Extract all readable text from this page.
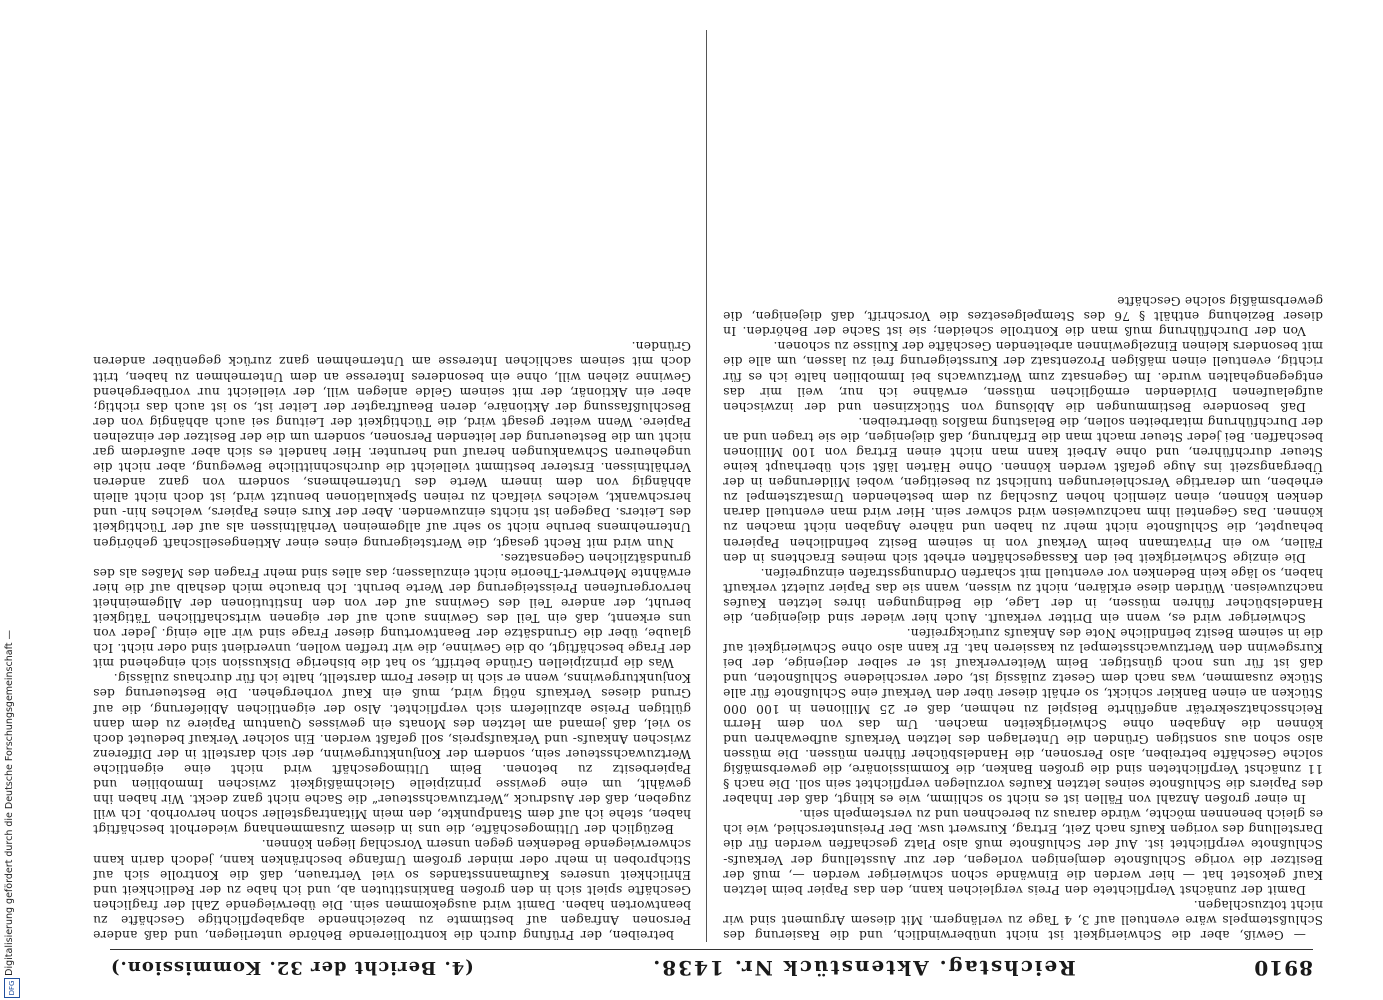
Digitalisierung gefördert durch die Deutsche Forschungsgemeinschaft —
DFG
8910
Reichstag. Aktenstück Nr. 1438.
(4. Bericht der 32. Kommission.)

— Gewiß, aber die Schwierigkeit ist nicht unüberwindlich, und die Rasierung des Schlußstempels wäre eventuell auf 3, 4 Tage zu verlängern. Mit diesem Argument sind wir nicht totzuschlagen.

Damit der zunächst Verpflichtete den Preis vergleichen kann, den das Papier beim letzten Kauf gekostet hat — hier werden die Einwände schon schwieriger werden —, muß der Besitzer die vorige Schlußnote demjenigen vorlegen, der zur Ausstellung der Verkaufs-Schlußnote verpflichtet ist. Auf der Schlußnote muß also Platz geschaffen werden für die Darstellung des vorigen Kaufs nach Zeit, Ertrag, Kurswert usw. Der Preisunterschied, wie ich es gleich benennen möchte, würde daraus zu berechnen und zu verstempeln sein.

In einer großen Anzahl von Fällen ist es nicht so schlimm, wie es klingt, daß der Inhaber des Papiers die Schlußnote seines letzten Kaufes vorzulegen verpflichtet sein soll. Die nach § 11 zunächst Verpflichteten sind die großen Banken, die Kommissionäre, die gewerbsmäßig solche Geschäfte betreiben, also Personen, die Handelsbücher führen müssen. Die müssen also schon aus sonstigen Gründen die Unterlagen des letzten Verkaufs aufbewahren und können die Angaben ohne Schwierigkeiten machen. Um das von dem Herrn Reichsschatzsekretär angeführte Beispiel zu nehmen, daß er 25 Millionen in 100 000 Stücken an einen Bankier schickt, so erhält dieser über den Verkauf eine Schlußnote für alle Stücke zusammen, was nach dem Gesetz zulässig ist, oder verschiedene Schlußnoten, und daß ist für uns noch günstiger. Beim Weiterverkauf ist er selber derjenige, der bei Kursgewinn den Wertzuwachsstempel zu kassieren hat. Er kann also ohne Schwierigkeit auf die in seinem Besitz befindliche Note des Ankaufs zurückgreifen.

Schwieriger wird es, wenn ein Dritter verkauft. Auch hier wieder sind diejenigen, die Handelsbücher führen müssen, in der Lage, die Bedingungen ihres letzten Kaufes nachzuweisen. Würden diese erklären, nicht zu wissen, wann sie das Papier zuletzt verkauft haben, so läge kein Bedenken vor eventuell mit scharfen Ordnungsstrafen einzugreifen.

Die einzige Schwierigkeit bei den Kassageschäften erhebt sich meines Erachtens in den Fällen, wo ein Privatmann beim Verkauf von in seinem Besitz befindlichen Papieren behauptet, die Schlußnote nicht mehr zu haben und nähere Angaben nicht machen zu können. Das Gegenteil ihm nachzuweisen wird schwer sein. Hier wird man eventuell daran denken können, einen ziemlich hohen Zuschlag zu dem bestehenden Umsatzstempel zu erheben, um derartige Verschleierungen tunlichst zu beseitigen, wobei Milderungen in der Übergangszeit ins Auge gefaßt werden können. Ohne Härten läßt sich überhaupt keine Steuer durchführen, und ohne Arbeit kann man nicht einen Ertrag von 100 Millionen beschaffen. Bei jeder Steuer macht man die Erfahrung, daß diejenigen, die sie tragen und an der Durchführung mitarbeiten sollen, die Belastung maßlos übertreiben.

Daß besondere Bestimmungen die Ablösung von Stückzinsen und der inzwischen aufgelaufenen Dividenden ermöglichen müssen, erwähne ich nur, weil mir das entgegengehalten wurde. Im Gegensatz zum Wertzuwachs bei Immobilien halte ich es für richtig, eventuell einen mäßigen Prozentsatz der Kurssteigerung frei zu lassen, um alle die mit besonders kleinen Einzelgewinnen arbeitenden Geschäfte der Kulisse zu schonen.

Von der Durchführung muß man die Kontrolle scheiden; sie ist Sache der Behörden. In dieser Beziehung enthält § 76 des Stempelgesetzes die Vorschrift, daß diejenigen, die gewerbsmäßig solche Geschäfte

betreiben, der Prüfung durch die kontrollierende Behörde unterliegen, und daß andere Personen Anfragen auf bestimmte zu bezeichnende abgabepflichtige Geschäfte zu beantworten haben. Damit wird ausgekommen sein. Die überwiegende Zahl der fraglichen Geschäfte spielt sich in den großen Bankinstituten ab, und ich habe zu der Redlichkeit und Ehrlichkeit unseres Kaufmannsstandes so viel Vertrauen, daß die Kontrolle sich auf Stichproben in mehr oder minder großem Umfange beschränken kann, jedoch darin kann schwerwiegende Bedenken gegen unsern Vorschlag liegen können.

Bezüglich der Ultimogeschäfte, die uns in diesem Zusammenhang wiederholt beschäftigt haben, stehe ich auf dem Standpunkte, den mein Mitantragsteller schon hervorhob. Ich will zugeben, daß der Ausdruck „Wertzuwachssteuer“ die Sache nicht ganz deckt. Wir haben ihn gewählt, um eine gewisse prinzipielle Gleichmäßigkeit zwischen Immobilien und Papierbesitz zu betonen. Beim Ultimogeschäft wird nicht eine eigentliche Wertzuwachssteuer sein, sondern der Konjunkturgewinn, der sich darstellt in der Differenz zwischen Ankaufs- und Verkaufspreis, soll gefaßt werden. Ein solcher Verkauf bedeutet doch so viel, daß jemand am letzten des Monats ein gewisses Quantum Papiere zu dem dann gültigen Preise abzuliefern sich verpflichtet. Also der eigentlichen Ablieferung, die auf Grund dieses Verkaufs nötig wird, muß ein Kauf vorhergehen. Die Besteuerung des Konjunkturgewinns, wenn er sich in dieser Form darstellt, halte ich für durchaus zulässig.

Was die prinzipiellen Gründe betrifft, so hat die bisherige Diskussion sich eingehend mit der Frage beschäftigt, ob die Gewinne, die wir treffen wollen, unverdient sind oder nicht. Ich glaube, über die Grundsätze der Beantwortung dieser Frage sind wir alle einig. Jeder von uns erkennt, daß ein Teil des Gewinns auch auf der eigenen wirtschaftlichen Tätigkeit beruht, der andere Teil des Gewinns auf der von den Institutionen der Allgemeinheit hervorgerufenen Preissteigerung der Werte beruht. Ich brauche mich deshalb auf die hier erwähnte Mehrwert-Theorie nicht einzulassen; das alles sind mehr Fragen des Maßes als des grundsätzlichen Gegensatzes.

Nun wird mit Recht gesagt, die Wertsteigerung eines einer Aktiengesellschaft gehörigen Unternehmens beruhe nicht so sehr auf allgemeinen Verhältnissen als auf der Tüchtigkeit des Leiters. Dagegen ist nichts einzuwenden. Aber der Kurs eines Papiers, welches hin- und herschwankt, welches vielfach zu reinen Spekulationen benutzt wird, ist doch nicht allein abhängig von dem innern Werte des Unternehmens, sondern von ganz anderen Verhältnissen. Ersterer bestimmt vielleicht die durchschnittliche Bewegung, aber nicht die ungeheuren Schwankungen herauf und herunter. Hier handelt es sich aber außerdem gar nicht um die Besteuerung der leitenden Personen, sondern um die der Besitzer der einzelnen Papiere. Wenn weiter gesagt wird, die Tüchtigkeit der Leitung sei auch abhängig von der Beschlußfassung der Aktionäre, deren Beauftragter der Leiter ist, so ist auch das richtig; aber ein Aktionär, der mit seinem Gelde anlegen will, der vielleicht nur vorübergehend Gewinne ziehen will, ohne ein besonderes Interesse an dem Unternehmen zu haben, tritt doch mit seinem sachlichen Interesse am Unternehmen ganz zurück gegenüber anderen Gründen.
